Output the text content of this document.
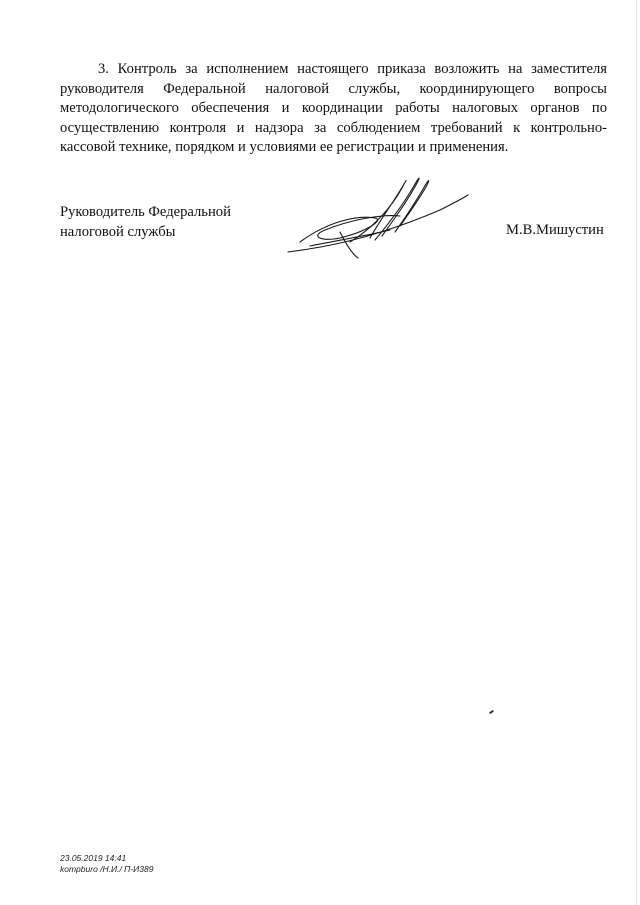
3. Контроль за исполнением настоящего приказа возложить на заместителя руководителя Федеральной налоговой службы, координирующего вопросы методологического обеспечения и координации работы налоговых органов по осуществлению контроля и надзора за соблюдением требований к контрольно-кассовой технике, порядком и условиями ее регистрации и применения.

Руководитель Федеральной
налоговой службы	М.В.Мишустин
23.05.2019 14:41
kompburo /Н.И./ П-И389
